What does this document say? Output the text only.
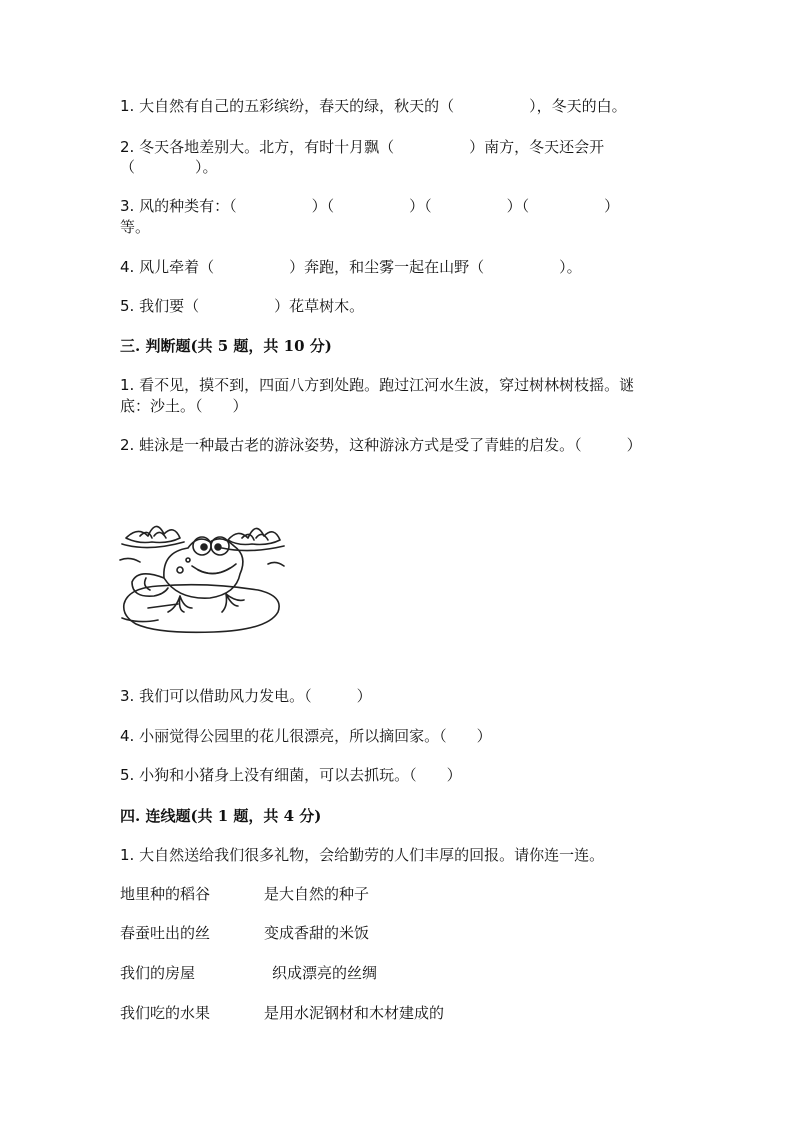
1. 大自然有自己的五彩缤纷，春天的绿，秋天的（　　　　　），冬天的白。
2. 冬天各地差别大。北方，有时十月飘（　　　　　）南方，冬天还会开
（　　　　）。
3. 风的种类有：（　　　　　）（　　　　　）（　　　　　）（　　　　　）
等。
4. 风儿牵着（　　　　　）奔跑，和尘雾一起在山野（　　　　　）。
5. 我们要（　　　　　）花草树木。
三. 判断题(共 5 题，共 10 分)
1. 看不见，摸不到，四面八方到处跑。跑过江河水生波，穿过树林树枝摇。谜
底：沙土。（　　）
2. 蛙泳是一种最古老的游泳姿势，这种游泳方式是受了青蛙的启发。（　　　）
3. 我们可以借助风力发电。（　　　）
4. 小丽觉得公园里的花儿很漂亮，所以摘回家。（　　）
5. 小狗和小猪身上没有细菌，可以去抓玩。（　　）
四. 连线题(共 1 题，共 4 分)
1. 大自然送给我们很多礼物，会给勤劳的人们丰厚的回报。请你连一连。
地里种的稻谷	是大自然的种子
春蚕吐出的丝	变成香甜的米饭
我们的房屋	织成漂亮的丝绸
我们吃的水果	是用水泥钢材和木材建成的
